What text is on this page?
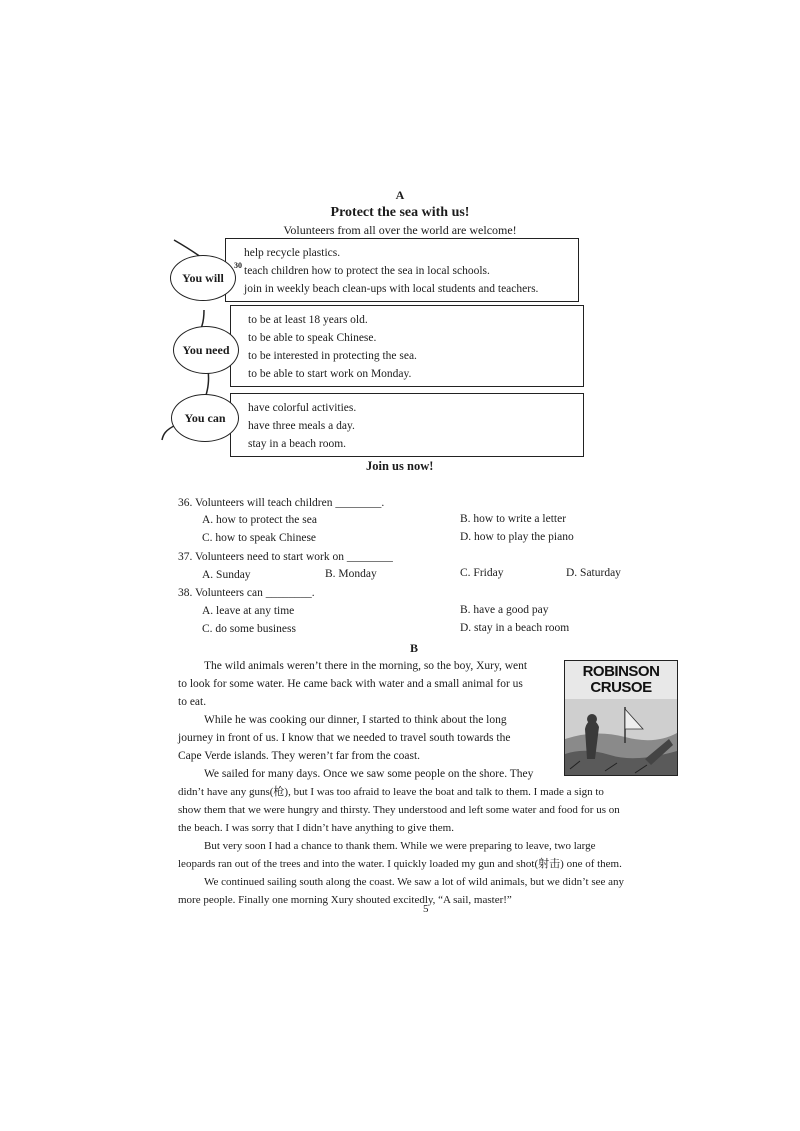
A
Protect the sea with us!
Volunteers from all over the world are welcome!
help recycle plastics.
teach children how to protect the sea in local schools.
join in weekly beach clean-ups with local students and teachers.
30
You will
to be at least 18 years old.
to be able to speak Chinese.
to be interested in protecting the sea.
to be able to start work on Monday.
You need
have colorful activities.
have three meals a day.
stay in a beach room.
You can
Join us now!
36. Volunteers will teach children ________.
A. how to protect the sea	B. how to write a letter
C. how to speak Chinese	D. how to play the piano
37. Volunteers need to start work on ________
A. Sunday	B. Monday	C. Friday	D. Saturday
38. Volunteers can ________.
A. leave at any time	B. have a good pay
C. do some business	D. stay in a beach room
B
ROBINSON
CRUSOE
The wild animals weren’t there in the morning, so the boy, Xury, went
to look for some water. He came back with water and a small animal for us
to eat.
While he was cooking our dinner, I started to think about the long
journey in front of us. I know that we needed to travel south towards the
Cape Verde islands. They weren’t far from the coast.
We sailed for many days. Once we saw some people on the shore. They
didn’t have any guns(枪), but I was too afraid to leave the boat and talk to them. I made a sign to
show them that we were hungry and thirsty. They understood and left some water and food for us on
the beach. I was sorry that I didn’t have anything to give them.
But very soon I had a chance to thank them. While we were preparing to leave, two large
leopards ran out of the trees and into the water. I quickly loaded my gun and shot(射击) one of them.
We continued sailing south along the coast. We saw a lot of wild animals, but we didn’t see any
more people. Finally one morning Xury shouted excitedly, “A sail, master!”
5
